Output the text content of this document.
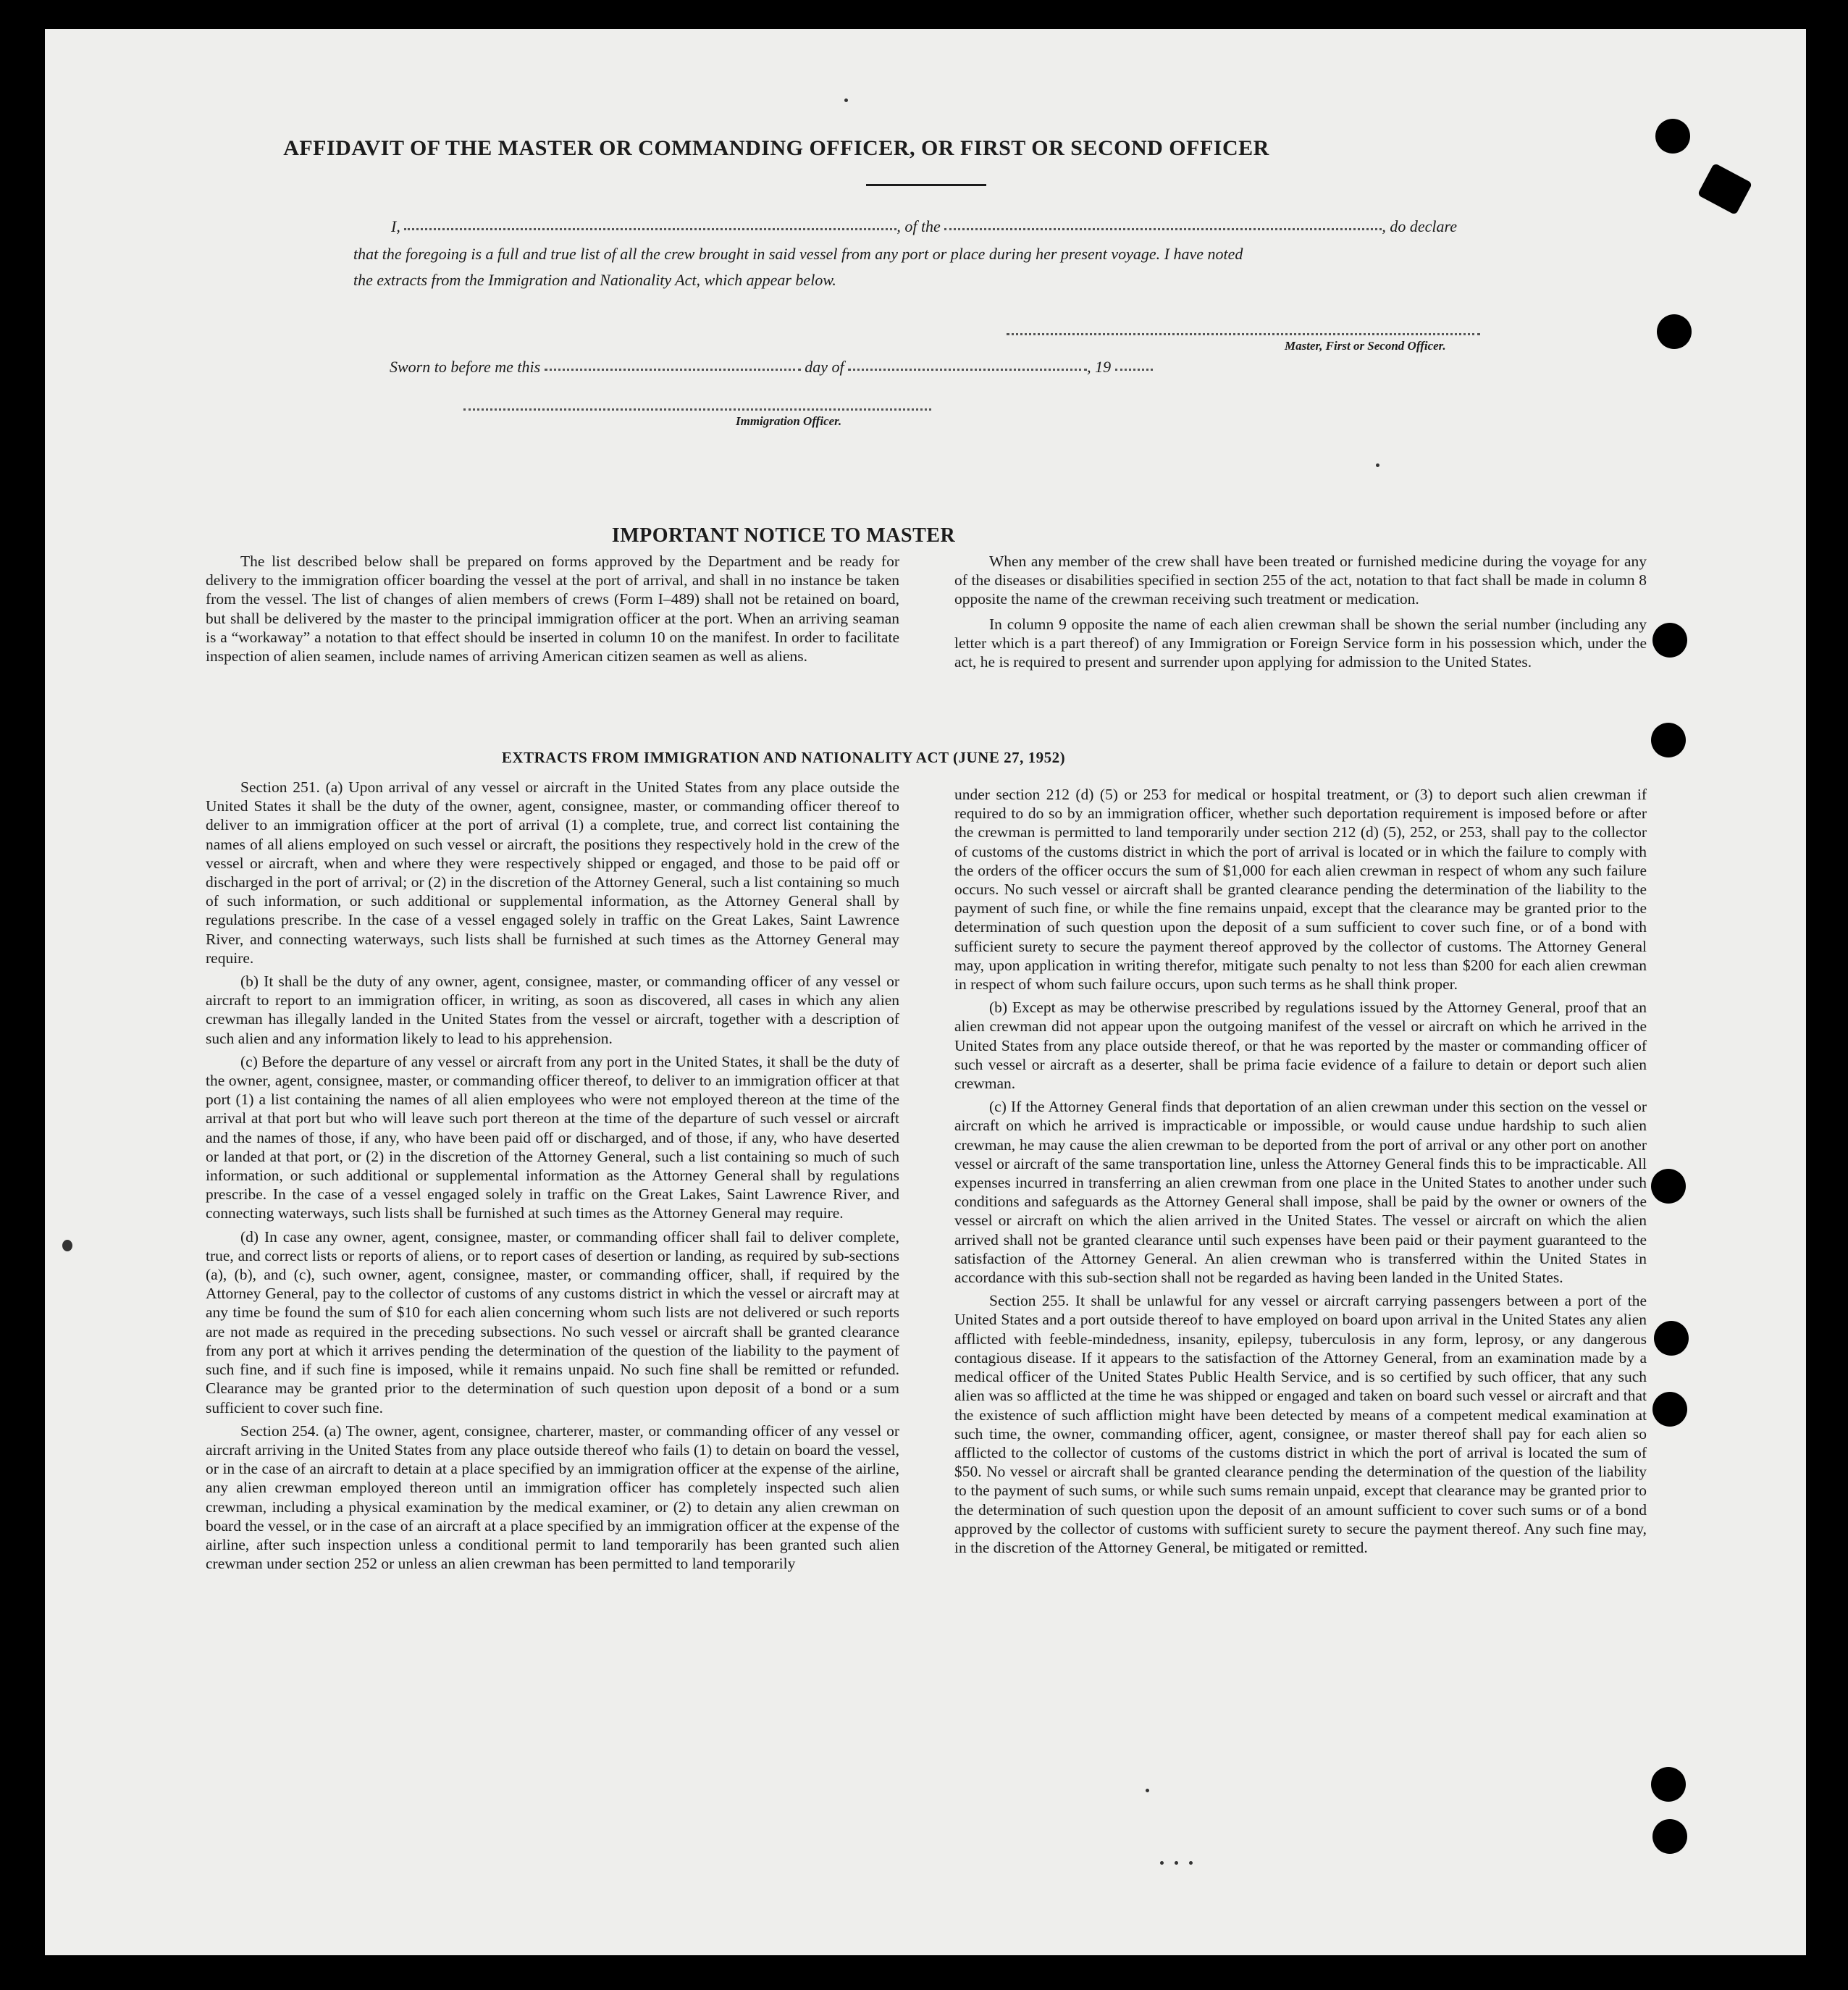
AFFIDAVIT OF THE MASTER OR COMMANDING OFFICER, OR FIRST OR SECOND OFFICER
I,	, of the	, do declare
that the foregoing is a full and true list of all the crew brought in said vessel from any port or place during her present voyage. I have noted
the extracts from the Immigration and Nationality Act, which appear below.
Master, First or Second Officer.
Sworn to before me this	day of	, 19
Immigration Officer.
IMPORTANT NOTICE TO MASTER

The list described below shall be prepared on forms approved by the Department and be ready for delivery to the immigration officer boarding the vessel at the port of arrival, and shall in no instance be taken from the vessel. The list of changes of alien members of crews (Form I–489) shall not be retained on board, but shall be delivered by the master to the principal immigration officer at the port. When an arriving seaman is a “workaway” a notation to that effect should be inserted in column 10 on the manifest. In order to facilitate inspection of alien seamen, include names of arriving American citizen seamen as well as aliens.

When any member of the crew shall have been treated or furnished medicine during the voyage for any of the diseases or disabilities specified in section 255 of the act, notation to that fact shall be made in column 8 opposite the name of the crewman receiving such treatment or medication.

In column 9 opposite the name of each alien crewman shall be shown the serial number (including any letter which is a part thereof) of any Immigration or Foreign Service form in his possession which, under the act, he is required to present and surrender upon applying for admission to the United States.

EXTRACTS FROM IMMIGRATION AND NATIONALITY ACT (JUNE 27, 1952)

Section 251. (a) Upon arrival of any vessel or aircraft in the United States from any place outside the United States it shall be the duty of the owner, agent, consignee, master, or commanding officer thereof to deliver to an immigration officer at the port of arrival (1) a complete, true, and correct list containing the names of all aliens employed on such vessel or aircraft, the positions they respectively hold in the crew of the vessel or aircraft, when and where they were respectively shipped or engaged, and those to be paid off or discharged in the port of arrival; or (2) in the discretion of the Attorney General, such a list containing so much of such information, or such additional or supplemental information, as the Attorney General shall by regulations prescribe. In the case of a vessel engaged solely in traffic on the Great Lakes, Saint Lawrence River, and connecting waterways, such lists shall be furnished at such times as the Attorney General may require.

(b) It shall be the duty of any owner, agent, consignee, master, or commanding officer of any vessel or aircraft to report to an immigration officer, in writing, as soon as discovered, all cases in which any alien crewman has illegally landed in the United States from the vessel or aircraft, together with a description of such alien and any information likely to lead to his apprehension.

(c) Before the departure of any vessel or aircraft from any port in the United States, it shall be the duty of the owner, agent, consignee, master, or commanding officer thereof, to deliver to an immigration officer at that port (1) a list containing the names of all alien employees who were not employed thereon at the time of the arrival at that port but who will leave such port thereon at the time of the departure of such vessel or aircraft and the names of those, if any, who have been paid off or discharged, and of those, if any, who have deserted or landed at that port, or (2) in the discretion of the Attorney General, such a list containing so much of such information, or such additional or supplemental information as the Attorney General shall by regulations prescribe. In the case of a vessel engaged solely in traffic on the Great Lakes, Saint Lawrence River, and connecting waterways, such lists shall be furnished at such times as the Attorney General may require.

(d) In case any owner, agent, consignee, master, or commanding officer shall fail to deliver complete, true, and correct lists or reports of aliens, or to report cases of desertion or landing, as required by sub-sections (a), (b), and (c), such owner, agent, consignee, master, or commanding officer, shall, if required by the Attorney General, pay to the collector of customs of any customs district in which the vessel or aircraft may at any time be found the sum of $10 for each alien concerning whom such lists are not delivered or such reports are not made as required in the preceding subsections. No such vessel or aircraft shall be granted clearance from any port at which it arrives pending the determination of the question of the liability to the payment of such fine, and if such fine is imposed, while it remains unpaid. No such fine shall be remitted or refunded. Clearance may be granted prior to the determination of such question upon deposit of a bond or a sum sufficient to cover such fine.

Section 254. (a) The owner, agent, consignee, charterer, master, or commanding officer of any vessel or aircraft arriving in the United States from any place outside thereof who fails (1) to detain on board the vessel, or in the case of an aircraft to detain at a place specified by an immigration officer at the expense of the airline, any alien crewman employed thereon until an immigration officer has completely inspected such alien crewman, including a physical examination by the medical examiner, or (2) to detain any alien crewman on board the vessel, or in the case of an aircraft at a place specified by an immigration officer at the expense of the airline, after such inspection unless a conditional permit to land temporarily has been granted such alien crewman under section 252 or unless an alien crewman has been permitted to land temporarily

under section 212 (d) (5) or 253 for medical or hospital treatment, or (3) to deport such alien crewman if required to do so by an immigration officer, whether such deportation requirement is imposed before or after the crewman is permitted to land temporarily under section 212 (d) (5), 252, or 253, shall pay to the collector of customs of the customs district in which the port of arrival is located or in which the failure to comply with the orders of the officer occurs the sum of $1,000 for each alien crewman in respect of whom any such failure occurs. No such vessel or aircraft shall be granted clearance pending the determination of the liability to the payment of such fine, or while the fine remains unpaid, except that the clearance may be granted prior to the determination of such question upon the deposit of a sum sufficient to cover such fine, or of a bond with sufficient surety to secure the payment thereof approved by the collector of customs. The Attorney General may, upon application in writing therefor, mitigate such penalty to not less than $200 for each alien crewman in respect of whom such failure occurs, upon such terms as he shall think proper.

(b) Except as may be otherwise prescribed by regulations issued by the Attorney General, proof that an alien crewman did not appear upon the outgoing manifest of the vessel or aircraft on which he arrived in the United States from any place outside thereof, or that he was reported by the master or commanding officer of such vessel or aircraft as a deserter, shall be prima facie evidence of a failure to detain or deport such alien crewman.

(c) If the Attorney General finds that deportation of an alien crewman under this section on the vessel or aircraft on which he arrived is impracticable or impossible, or would cause undue hardship to such alien crewman, he may cause the alien crewman to be deported from the port of arrival or any other port on another vessel or aircraft of the same transportation line, unless the Attorney General finds this to be impracticable. All expenses incurred in transferring an alien crewman from one place in the United States to another under such conditions and safeguards as the Attorney General shall impose, shall be paid by the owner or owners of the vessel or aircraft on which the alien arrived in the United States. The vessel or aircraft on which the alien arrived shall not be granted clearance until such expenses have been paid or their payment guaranteed to the satisfaction of the Attorney General. An alien crewman who is transferred within the United States in accordance with this sub-section shall not be regarded as having been landed in the United States.

Section 255. It shall be unlawful for any vessel or aircraft carrying passengers between a port of the United States and a port outside thereof to have employed on board upon arrival in the United States any alien afflicted with feeble-mindedness, insanity, epilepsy, tuberculosis in any form, leprosy, or any dangerous contagious disease. If it appears to the satisfaction of the Attorney General, from an examination made by a medical officer of the United States Public Health Service, and is so certified by such officer, that any such alien was so afflicted at the time he was shipped or engaged and taken on board such vessel or aircraft and that the existence of such affliction might have been detected by means of a competent medical examination at such time, the owner, commanding officer, agent, consignee, or master thereof shall pay for each alien so afflicted to the collector of customs of the customs district in which the port of arrival is located the sum of $50. No vessel or aircraft shall be granted clearance pending the determination of the question of the liability to the payment of such sums, or while such sums remain unpaid, except that clearance may be granted prior to the determination of such question upon the deposit of an amount sufficient to cover such sums or of a bond approved by the collector of customs with sufficient surety to secure the payment thereof. Any such fine may, in the discretion of the Attorney General, be mitigated or remitted.
